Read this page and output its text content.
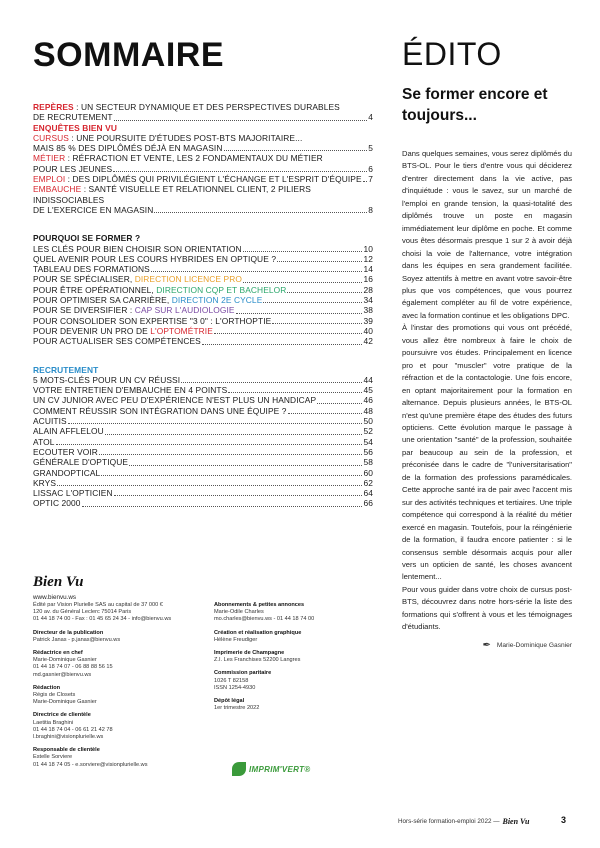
SOMMAIRE
REPÈRES : UN SECTEUR DYNAMIQUE ET DES PERSPECTIVES DURABLES
DE RECRUTEMENT	4
ENQUÊTES BIEN VU
CURSUS : UNE POURSUITE D'ÉTUDES POST-BTS MAJORITAIRE...
MAIS 85 % DES DIPLÔMÉS DÉJÀ EN MAGASIN	5
MÉTIER : RÉFRACTION ET VENTE, LES 2 FONDAMENTAUX DU MÉTIER
POUR LES JEUNES	6
EMPLOI : DES DIPLÔMÉS QUI PRIVILÉGIENT L'ÉCHANGE ET L'ESPRIT D'ÉQUIPE 7
EMBAUCHE : SANTÉ VISUELLE ET RELATIONNEL CLIENT, 2 PILIERS INDISSOCIABLES
DE L'EXERCICE EN MAGASIN	8
POURQUOI SE FORMER ?
LES CLÉS POUR BIEN CHOISIR SON ORIENTATION	10
QUEL AVENIR POUR LES COURS HYBRIDES EN OPTIQUE ?	12
TABLEAU DES FORMATIONS	14
POUR SE SPÉCIALISER, DIRECTION LICENCE PRO	16
POUR ÊTRE OPÉRATIONNEL, DIRECTION CQP ET BACHELOR	28
POUR OPTIMISER SA CARRIÈRE, DIRECTION 2E CYCLE	34
POUR SE DIVERSIFIER : CAP SUR L'AUDIOLOGIE	38
POUR CONSOLIDER SON EXPERTISE "3 0" : L'ORTHOPTIE	39
POUR DEVENIR UN PRO DE L'OPTOMÉTRIE	40
POUR ACTUALISER SES COMPÉTENCES	42
RECRUTEMENT
5 MOTS-CLÉS POUR UN CV RÉUSSI	44
VOTRE ENTRETIEN D'EMBAUCHE EN 4 POINTS	45
UN CV JUNIOR AVEC PEU D'EXPÉRIENCE N'EST PLUS UN HANDICAP	46
COMMENT RÉUSSIR SON INTÉGRATION DANS UNE ÉQUIPE ?	48
ACUITIS	50
ALAIN AFFLELOU	52
ATOL	54
ECOUTER VOIR	56
GÉNÉRALE D'OPTIQUE	58
GRANDOPTICAL	60
KRYS	62
LISSAC L'OPTICIEN	64
OPTIC 2000	66
Bien Vu
www.bienvu.ws
Édité par Vision Plurielle SAS au capital de 37 000 €
120 av. du Général Leclerc 75014 Paris
01 44 18 74 00 - Fax : 01 45 65 24 34 - info@bienvu.ws
Directeur de la publication
Patrick Janas - p.janas@bienvu.ws
Rédactrice en chef
Marie-Dominique Gasnier
01 44 18 74 07 - 06 88 88 56 15
md.gasnier@bienvu.ws
Rédaction
Régis de Closets
Marie-Dominique Gasnier
Directrice de clientèle
Laetitia Braghini
01 44 18 74 04 - 06 61 21 42 78
l.braghini@visionplurielle.ws
Responsable de clientèle
Estelle Sorviere
01 44 18 74 05 - e.sorviere@visionplurielle.ws
Abonnements & petites annonces
Marie-Odile Charles
mo.charles@bienvu.ws - 01 44 18 74 00
Création et réalisation graphique
Hélène Freudiger
Imprimerie de Champagne
Z.I. Les Franchises 52200 Langres
Commission paritaire
1026 T 82158
ISSN 1254-4930
Dépôt légal
1er trimestre 2022
IMPRIM'VERT®
ÉDITO
Se former encore et toujours...

Dans quelques semaines, vous serez diplômés du BTS-OL. Pour le tiers d'entre vous qui déciderez d'entrer directement dans la vie active, pas d'inquiétude : vous le savez, sur un marché de l'emploi en grande tension, la quasi-totalité des diplômés trouve un poste en magasin immédiatement leur diplôme en poche. Et comme vous êtes désormais presque 1 sur 2 à avoir déjà choisi la voie de l'alternance, votre intégration dans les équipes en sera grandement facilitée. Soyez attentifs à mettre en avant votre savoir-être plus que vos compétences, que vous pourrez également compléter au fil de votre expérience, avec la formation continue et les obligations DPC.

À l'instar des promotions qui vous ont précédé, vous allez être nombreux à faire le choix de poursuivre vos études. Principalement en licence pro et pour "muscler" votre pratique de la réfraction et de la contactologie. Une fois encore, en optant majoritairement pour la formation en alternance. Depuis plusieurs années, le BTS-OL n'est qu'une première étape des études des futurs opticiens. Cette évolution marque le passage à une orientation "santé" de la profession, souhaitée par beaucoup au sein de la profession, et préconisée dans le cadre de "l'universitarisation" de la formation des professions paramédicales. Cette approche santé ira de pair avec l'accent mis sur des activités techniques et tertiaires. Une triple compétence qui correspond à la réalité du métier exercé en magasin. Toutefois, pour la réingénierie de la formation, il faudra encore patienter : si le consensus semble désormais acquis pour aller vers un opticien de santé, les choses avancent lentement...

Pour vous guider dans votre choix de cursus post-BTS, découvrez dans notre hors-série la liste des formations qui s'offrent à vous et les témoignages d'étudiants.

✒ Marie-Dominique Gasnier
Hors-série formation-emploi 2022 — Bien Vu	3
